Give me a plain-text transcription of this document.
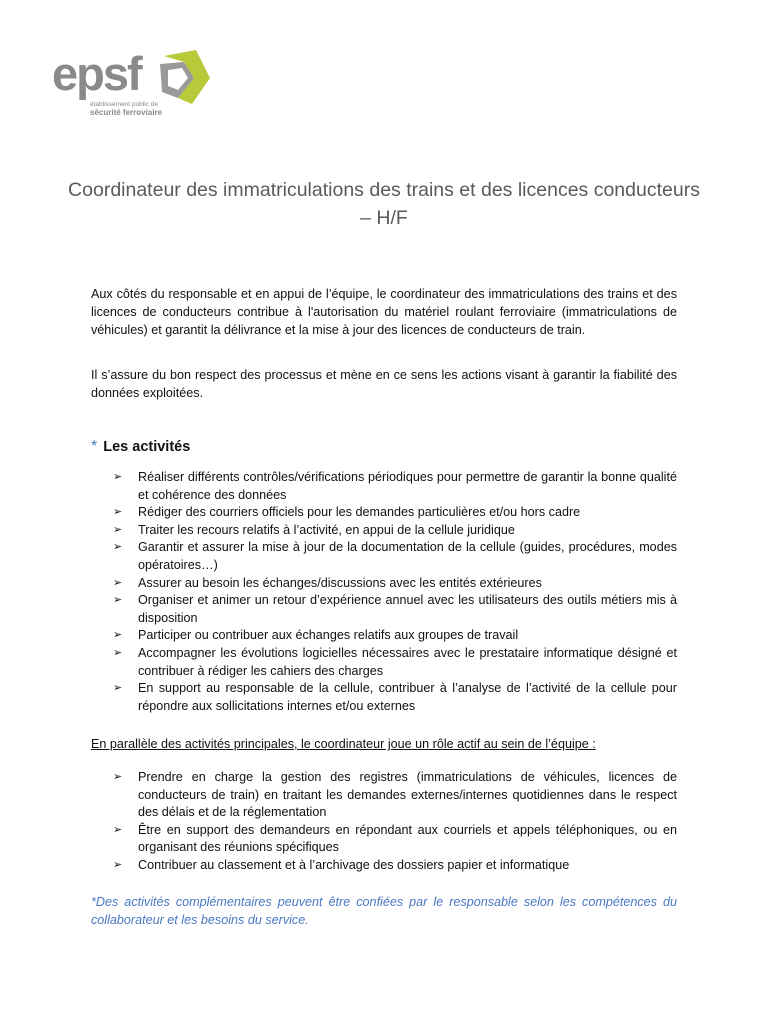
epsf
établissement public de
sécurité ferroviaire
Coordinateur des immatriculations des trains et des licences conducteurs – H/F

Aux côtés du responsable et en appui de l’équipe, le coordinateur des immatriculations des trains et des licences de conducteurs contribue à l'autorisation du matériel roulant ferroviaire (immatriculations de véhicules) et garantit la délivrance et la mise à jour des licences de conducteurs de train.

Il s’assure du bon respect des processus et mène en ce sens les actions visant à garantir la fiabilité des données exploitées.

* Les activités
➢ Réaliser différents contrôles/vérifications périodiques pour permettre de garantir la bonne qualité et cohérence des données
➢ Rédiger des courriers officiels pour les demandes particulières et/ou hors cadre
➢ Traiter les recours relatifs à l’activité, en appui de la cellule juridique
➢ Garantir et assurer la mise à jour de la documentation de la cellule (guides, procédures, modes opératoires…)
➢ Assurer au besoin les échanges/discussions avec les entités extérieures
➢ Organiser et animer un retour d’expérience annuel avec les utilisateurs des outils métiers mis à disposition
➢ Participer ou contribuer aux échanges relatifs aux groupes de travail
➢ Accompagner les évolutions logicielles nécessaires avec le prestataire informatique désigné et contribuer à rédiger les cahiers des charges
➢ En support au responsable de la cellule, contribuer à l’analyse de l’activité de la cellule pour répondre aux sollicitations internes et/ou externes
En parallèle des activités principales, le coordinateur joue un rôle actif au sein de l’équipe :
➢ Prendre en charge la gestion des registres (immatriculations de véhicules, licences de conducteurs de train) en traitant les demandes externes/internes quotidiennes dans le respect des délais et de la réglementation
➢ Être en support des demandeurs en répondant aux courriels et appels téléphoniques, ou en organisant des réunions spécifiques
➢ Contribuer au classement et à l’archivage des dossiers papier et informatique

*Des activités complémentaires peuvent être confiées par le responsable selon les compétences du collaborateur et les besoins du service.
